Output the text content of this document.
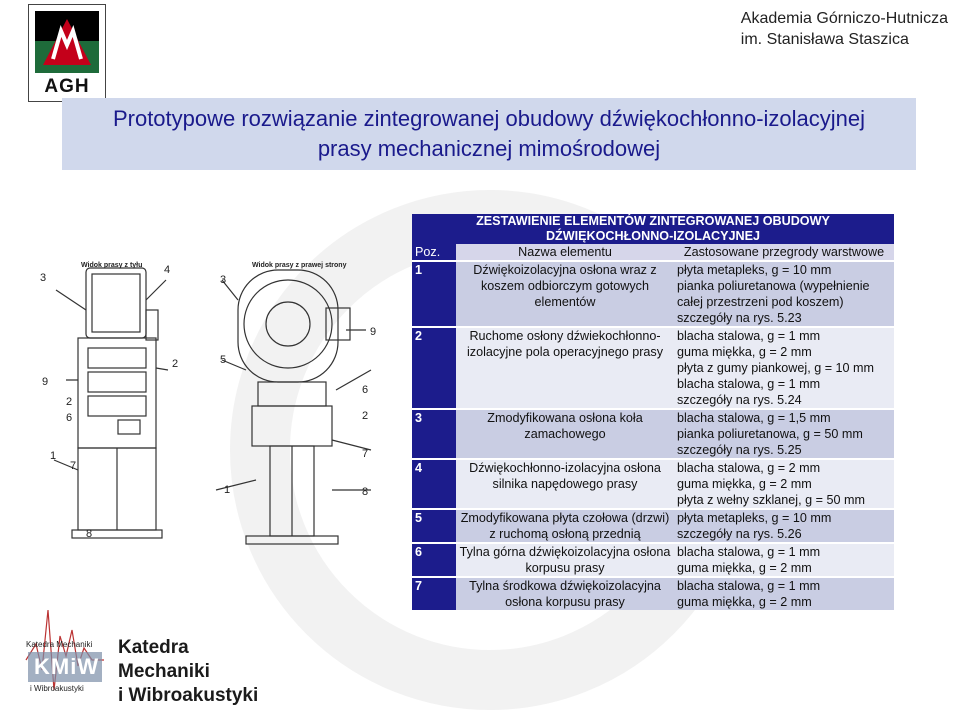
AGH
Akademia Górniczo-Hutnicza
im. Stanisława Staszica
Prototypowe rozwiązanie zintegrowanej obudowy dźwiękochłonno-izolacyjnej
prasy mechanicznej mimośrodowej
Widok prasy z tyłu	Widok prasy z prawej strony
3
4
3
5
9
2
6
7
8
1
9
6
2
7
8
2
1
ZESTAWIENIE ELEMENTÓW ZINTEGROWANEJ OBUDOWY
DŹWIĘKOCHŁONNO-IZOLACYJNEJ		

Poz.	Nazwa elementu	Zastosowane przegrody warstwowe
1	Dźwiękoizolacyjna osłona wraz z koszem odbiorczym gotowych elementów	płyta metapleks, g = 10 mm
pianka poliuretanowa (wypełnienie
całej przestrzeni pod koszem)
szczegóły na rys. 5.23

2	Ruchome osłony dźwiekochłonno-izolacyjne pola operacyjnego prasy	blacha stalowa, g = 1 mm
guma miękka, g = 2 mm
płyta z gumy piankowej, g = 10 mm
blacha stalowa, g = 1 mm
szczegóły na rys. 5.24

3	Zmodyfikowana osłona koła zamachowego	blacha stalowa, g = 1,5 mm
pianka poliuretanowa, g = 50 mm
szczegóły na rys. 5.25

4	Dźwiękochłonno-izolacyjna osłona silnika napędowego prasy	blacha stalowa, g = 2 mm
guma miękka, g = 2 mm
płyta z wełny szklanej, g = 50 mm

5	Zmodyfikowana płyta czołowa (drzwi) z ruchomą osłoną przednią	płyta metapleks, g = 10 mm
szczegóły na rys. 5.26

6	Tylna górna dźwiękoizolacyjna osłona korpusu prasy	blacha stalowa, g = 1 mm
guma miękka, g = 2 mm

7	Tylna środkowa dźwiękoizolacyjna osłona korpusu prasy	blacha stalowa, g = 1 mm
guma miękka, g = 2 mm
Katedra Mechaniki
KMiW
i Wibroakustyki
Katedra
Mechaniki
i Wibroakustyki
